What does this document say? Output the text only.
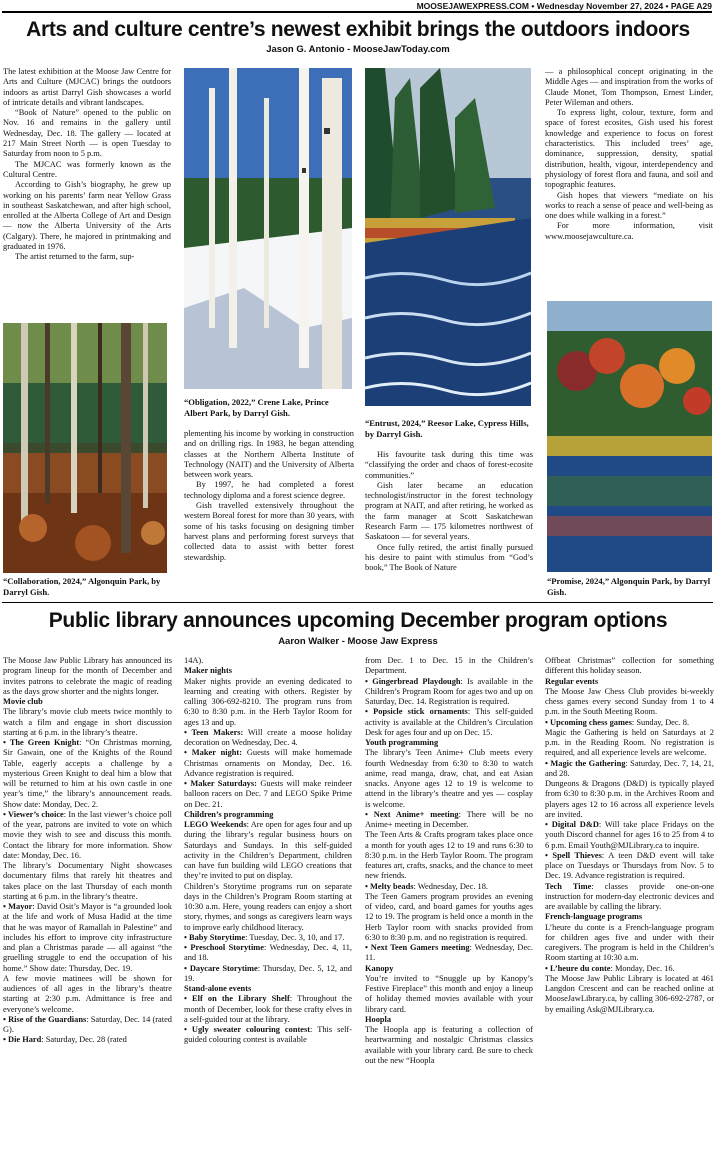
MOOSEJAWEXPRESS.COM • Wednesday November 27, 2024 • PAGE A29
Arts and culture centre’s newest exhibit brings the outdoors indoors
Jason G. Antonio - MooseJawToday.com

The latest exhibition at the Moose Jaw Centre for Arts and Culture (MJCAC) brings the outdoors indoors as artist Darryl Gish showcases a world of intricate details and vibrant landscapes.

“Book of Nature” opened to the public on Nov. 16 and remains in the gallery until Wednesday, Dec. 18. The gallery — located at 217 Main Street North — is open Tuesday to Saturday from noon to 5 p.m.

The MJCAC was formerly known as the Cultural Centre.

According to Gish’s biography, he grew up working on his parents’ farm near Yellow Grass in southeast Saskatchewan, and after high school, enrolled at the Alberta College of Art and Design — now the Alberta University of the Arts (Calgary). There, he majored in printmaking and graduated in 1976.

The artist returned to the farm, sup-

“Collaboration, 2024,” Algonquin Park, by Darryl Gish.
“Obligation, 2022,” Crene Lake, Prince Albert Park, by Darryl Gish.

plementing his income by working in construction and on drilling rigs. In 1983, he began attending classes at the Northern Alberta Institute of Technology (NAIT) and the University of Alberta between work years.

By 1997, he had completed a forest technology diploma and a forest science degree.

Gish travelled extensively throughout the western Boreal forest for more than 30 years, with some of his tasks focusing on designing timber harvest plans and performing forest surveys that collected data to assist with better forest stewardship.

“Entrust, 2024,” Reesor Lake, Cypress Hills, by Darryl Gish.

His favourite task during this time was “classifying the order and chaos of forest-ecosite communities.”

Gish later became an education technologist/instructor in the forest technology program at NAIT, and after retiring, he worked as the farm manager at Scott Saskatchewan Research Farm — 175 kilometres northwest of Saskatoon — for several years.

Once fully retired, the artist finally pursued his desire to paint with stimulus from “God’s book,” The Book of Nature

— a philosophical concept originating in the Middle Ages — and inspiration from the works of Claude Monet, Tom Thompson, Ernest Linder, Peter Wileman and others.

To express light, colour, texture, form and space of forest ecosites, Gish used his forest knowledge and experience to focus on forest characteristics. This included trees’ age, dominance, suppression, density, spatial distribution, health, vigour, interdependency and physiology of forest flora and fauna, and soil and topographic features.

Gish hopes that viewers “mediate on his works to reach a sense of peace and well-being as one does while walking in a forest.”

For more information, visit www.moosejawculture.ca.

“Promise, 2024,” Algonquin Park, by Darryl Gish.
Public library announces upcoming December program options
Aaron Walker - Moose Jaw Express

The Moose Jaw Public Library has announced its program lineup for the month of December and invites patrons to celebrate the magic of reading as the days grow shorter and the nights longer.

Movie club

The library’s movie club meets twice monthly to watch a film and engage in short discussion starting at 6 p.m. in the library’s theatre.

• The Green Knight: “On Christmas morning, Sir Gawain, one of the Knights of the Round Table, eagerly accepts a challenge by a mysterious Green Knight to deal him a blow that will be returned to him at his own castle in one year’s time,” the library’s announcement reads. Show date: Monday, Dec. 2.

• Viewer’s choice: In the last viewer’s choice poll of the year, patrons are invited to vote on which movie they wish to see and discuss this month. Contact the library for more information. Show date: Monday, Dec. 16.

The library’s Documentary Night showcases documentary films that rarely hit theatres and takes place on the last Thursday of each month starting at 6 p.m. in the library’s theatre.

• Mayor: David Osit’s Mayor is “a grounded look at the life and work of Musa Hadid at the time that he was mayor of Ramallah in Palestine” and includes his effort to improve city infrastructure and plan a Christmas parade — all against “the gruelling struggle to end the occupation of his home.” Show date: Thursday, Dec. 19.

A few movie matinees will be shown for audiences of all ages in the library’s theatre starting at 2:30 p.m. Admittance is free and everyone’s welcome.

• Rise of the Guardians: Saturday, Dec. 14 (rated G).

• Die Hard: Saturday, Dec. 28 (rated

14A).

Maker nights

Maker nights provide an evening dedicated to learning and creating with others. Register by calling 306-692-8210. The program runs from 6:30 to 8:30 p.m. in the Herb Taylor Room for ages 13 and up.

• Teen Makers: Will create a moose holiday decoration on Wednesday, Dec. 4.

• Maker night: Guests will make homemade Christmas ornaments on Monday, Dec. 16. Advance registration is required.

• Maker Saturdays: Guests will make reindeer balloon racers on Dec. 7 and LEGO Spike Prime on Dec. 21.

Children’s programming

LEGO Weekends: Are open for ages four and up during the library’s regular business hours on Saturdays and Sundays. In this self-guided activity in the Children’s Department, children can have fun building wild LEGO creations that they’re invited to put on display.

Children’s Storytime programs run on separate days in the Children’s Program Room starting at 10:30 a.m. Here, young readers can enjoy a short story, rhymes, and songs as caregivers learn ways to improve early childhood literacy.

• Baby Storytime: Tuesday, Dec. 3, 10, and 17.

• Preschool Storytime: Wednesday, Dec. 4, 11, and 18.

• Daycare Storytime: Thursday, Dec. 5, 12, and 19.

Stand-alone events

• Elf on the Library Shelf: Throughout the month of December, look for these crafty elves in a self-guided tour at the library.

• Ugly sweater colouring contest: This self-guided colouring contest is available

from Dec. 1 to Dec. 15 in the Children’s Department.

• Gingerbread Playdough: Is available in the Children’s Program Room for ages two and up on Saturday, Dec. 14. Registration is required.

• Popsicle stick ornaments: This self-guided activity is available at the Children’s Circulation Desk for ages four and up on Dec. 15.

Youth programming

The library’s Teen Anime+ Club meets every fourth Wednesday from 6:30 to 8:30 to watch anime, read manga, draw, chat, and eat Asian snacks. Anyone ages 12 to 19 is welcome to attend in the library’s theatre and yes — cosplay is welcome.

• Next Anime+ meeting: There will be no Anime+ meeting in December.

The Teen Arts & Crafts program takes place once a month for youth ages 12 to 19 and runs 6:30 to 8:30 p.m. in the Herb Taylor Room. The program features art, crafts, snacks, and the chance to meet new friends.

• Melty beads: Wednesday, Dec. 18.

The Teen Gamers program provides an evening of video, card, and board games for youths ages 12 to 19. The program is held once a month in the Herb Taylor room with snacks provided from 6:30 to 8:30 p.m. and no registration is required.

• Next Teen Gamers meeting: Wednesday, Dec. 11.

Kanopy

You’re invited to “Snuggle up by Kanopy’s Festive Fireplace” this month and enjoy a lineup of holiday themed movies available with your library card.

Hoopla

The Hoopla app is featuring a collection of heartwarming and nostalgic Christmas classics available with your library card. Be sure to check out the new “Hoopla

Offbeat Christmas” collection for something different this holiday season.

Regular events

The Moose Jaw Chess Club provides bi-weekly chess games every second Sunday from 1 to 4 p.m. in the South Meeting Room.

• Upcoming chess games: Sunday, Dec. 8.

Magic the Gathering is held on Saturdays at 2 p.m. in the Reading Room. No registration is required, and all experience levels are welcome.

• Magic the Gathering: Saturday, Dec. 7, 14, 21, and 28.

Dungeons & Dragons (D&D) is typically played from 6:30 to 8:30 p.m. in the Archives Room and players ages 12 to 16 across all experience levels are invited.

• Digital D&D: Will take place Fridays on the youth Discord channel for ages 16 to 25 from 4 to 6 p.m. Email Youth@MJLibrary.ca to inquire.

• Spell Thieves: A teen D&D event will take place on Tuesdays or Thursdays from Nov. 5 to Dec. 19. Advance registration is required.

Tech Time: classes provide one-on-one instruction for modern-day electronic devices and are available by calling the library.

French-language programs

L’heure du conte is a French-language program for children ages five and under with their caregivers. The program is held in the Children’s Room starting at 10:30 a.m.

• L’heure du conte: Monday, Dec. 16.

The Moose Jaw Public Library is located at 461 Langdon Crescent and can be reached online at MooseJawLibrary.ca, by calling 306-692-2787, or by emailing Ask@MJLibrary.ca.
